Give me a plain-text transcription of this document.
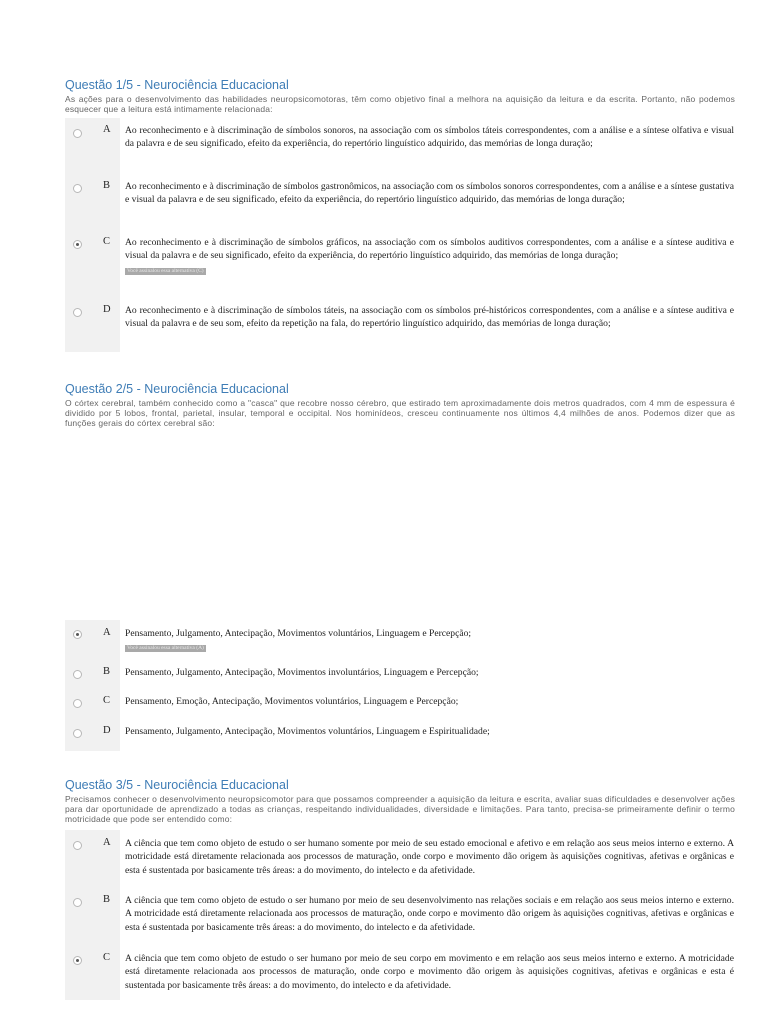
Questão 1/5 - Neurociência Educacional
As ações para o desenvolvimento das habilidades neuropsicomotoras, têm como objetivo final a melhora na aquisição da leitura e da escrita. Portanto, não podemos esquecer que a leitura está intimamente relacionada:
A Ao reconhecimento e à discriminação de símbolos sonoros, na associação com os símbolos táteis correspondentes, com a análise e a síntese olfativa e visual da palavra e de seu significado, efeito da experiência, do repertório linguístico adquirido, das memórias de longa duração;
B Ao reconhecimento e à discriminação de símbolos gastronômicos, na associação com os símbolos sonoros correspondentes, com a análise e a síntese gustativa e visual da palavra e de seu significado, efeito da experiência, do repertório linguístico adquirido, das memórias de longa duração;
C Ao reconhecimento e à discriminação de símbolos gráficos, na associação com os símbolos auditivos correspondentes, com a análise e a síntese auditiva e visual da palavra e de seu significado, efeito da experiência, do repertório linguístico adquirido, das memórias de longa duração;
Você assinalou essa alternativa (C)
D Ao reconhecimento e à discriminação de símbolos táteis, na associação com os símbolos pré-históricos correspondentes, com a análise e a síntese auditiva e visual da palavra e de seu som, efeito da repetição na fala, do repertório linguístico adquirido, das memórias de longa duração;
Questão 2/5 - Neurociência Educacional
O córtex cerebral, também conhecido como a "casca" que recobre nosso cérebro, que estirado tem aproximadamente dois metros quadrados, com 4 mm de espessura é dividido por 5 lobos, frontal, parietal, insular, temporal e occipital. Nos hominídeos, cresceu continuamente nos últimos 4,4 milhões de anos. Podemos dizer que as funções gerais do córtex cerebral são:
A Pensamento, Julgamento, Antecipação, Movimentos voluntários, Linguagem e Percepção;
Você assinalou essa alternativa (A)
B Pensamento, Julgamento, Antecipação, Movimentos involuntários, Linguagem e Percepção;
C Pensamento, Emoção, Antecipação, Movimentos voluntários, Linguagem e Percepção;
D Pensamento, Julgamento, Antecipação, Movimentos voluntários, Linguagem e Espiritualidade;
Questão 3/5 - Neurociência Educacional
Precisamos conhecer o desenvolvimento neuropsicomotor para que possamos compreender a aquisição da leitura e escrita, avaliar suas dificuldades e desenvolver ações para dar oportunidade de aprendizado a todas as crianças, respeitando individualidades, diversidade e limitações. Para tanto, precisa-se primeiramente definir o termo motricidade que pode ser entendido como:
A A ciência que tem como objeto de estudo o ser humano somente por meio de seu estado emocional e afetivo e em relação aos seus meios interno e externo. A motricidade está diretamente relacionada aos processos de maturação, onde corpo e movimento dão origem às aquisições cognitivas, afetivas e orgânicas e esta é sustentada por basicamente três áreas: a do movimento, do intelecto e da afetividade.
B A ciência que tem como objeto de estudo o ser humano por meio de seu desenvolvimento nas relações sociais e em relação aos seus meios interno e externo. A motricidade está diretamente relacionada aos processos de maturação, onde corpo e movimento dão origem às aquisições cognitivas, afetivas e orgânicas e esta é sustentada por basicamente três áreas: a do movimento, do intelecto e da afetividade.
C A ciência que tem como objeto de estudo o ser humano por meio de seu corpo em movimento e em relação aos seus meios interno e externo. A motricidade está diretamente relacionada aos processos de maturação, onde corpo e movimento dão origem às aquisições cognitivas, afetivas e orgânicas e esta é sustentada por basicamente três áreas: a do movimento, do intelecto e da afetividade.
